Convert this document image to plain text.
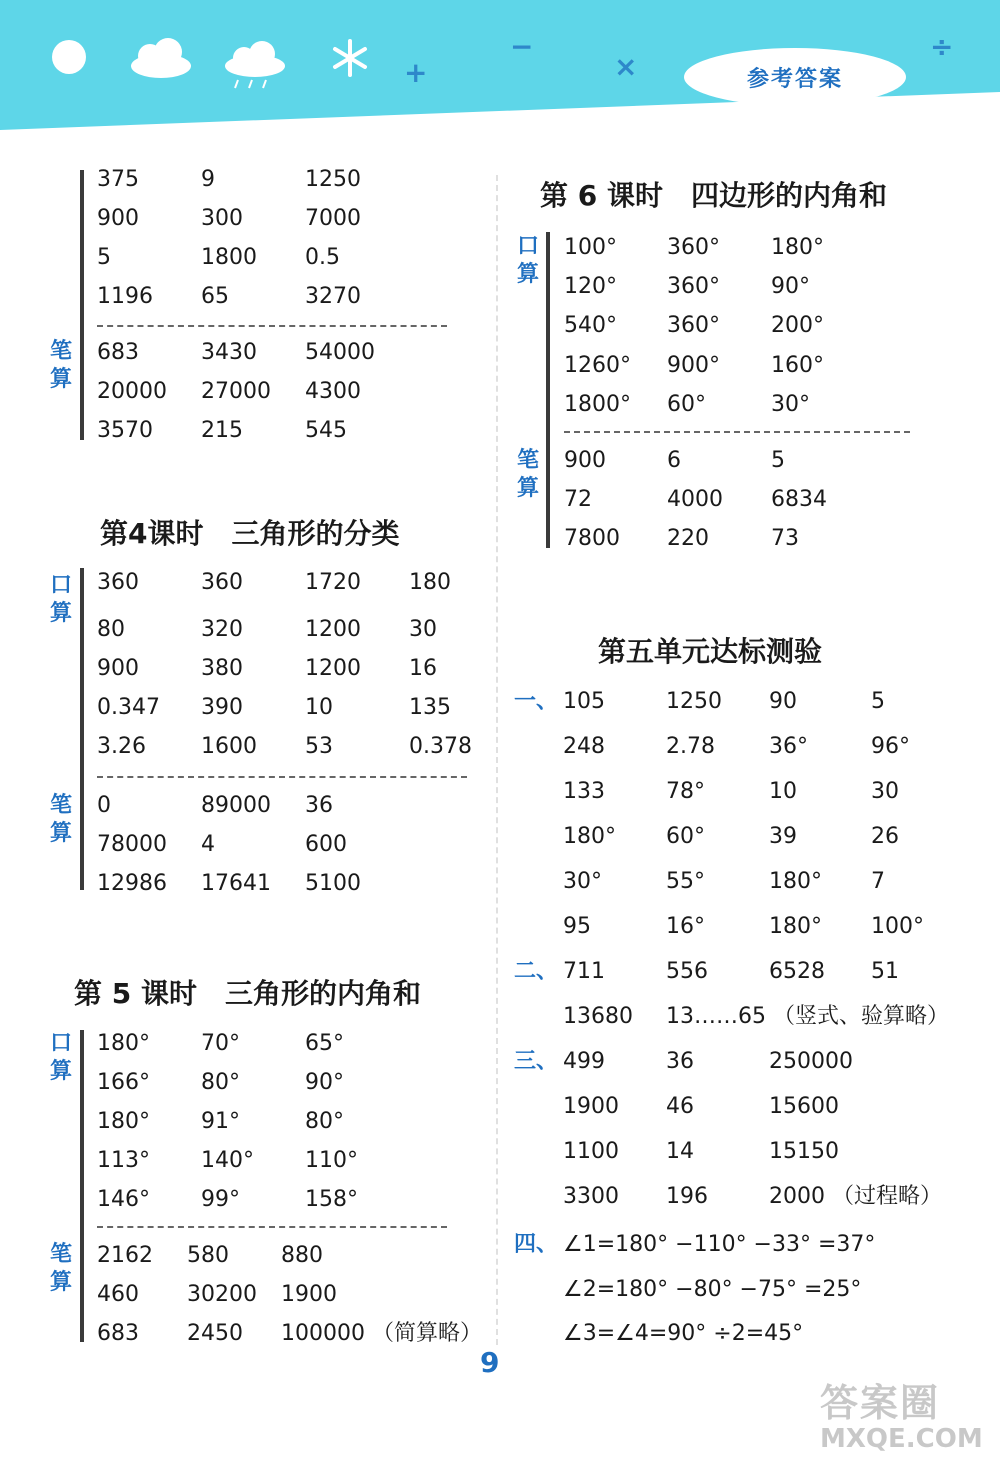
+
−
×
÷
参考答案
笔算
375	9	1250
900	300	7000
5	1800 0.5
1196 65	3270
683	3430 54000
20000 27000 4300
3570 215	545
第4课时　三角形的分类
口算
笔算
360	360	1720 180
80	320	1200 30
900	380	1200 16
0.347 390	10	135
3.26	1600 53	0.378
0	89000 36
78000 4	600
12986 17641 5100
第 5 课时　三角形的内角和
口算
笔算
180° 70°	65°
166° 80°	90°
180° 91°	80°
113° 140° 110°
146° 99°	158°
2162 580 880
460 30200 1900
683 2450 100000 （简算略）
第 6 课时　四边形的内角和
口算
笔算
100° 360° 180°
120° 360° 90°
540° 360° 200°
1260° 900° 160°
1800° 60°	30°
900	6	5
72	4000 6834
7800 220	73
第五单元达标测验
一、 105	1250 90	5
248	2.78 36°	96°
133	78°	10	30
180° 60°	39	26
30°	55°	180° 7
95	16°	180° 100°
二、 711	556	6528 51
13680 13……65 （竖式、验算略）
三、 499	36	250000
1900 46	15600
1100 14	15150
3300 196	2000 （过程略）
四、 ∠1=180° −110° −33° =37°
∠2=180° −80° −75° =25°
∠3=∠4=90° ÷2=45°
9
答案圈
MXQE.COM
